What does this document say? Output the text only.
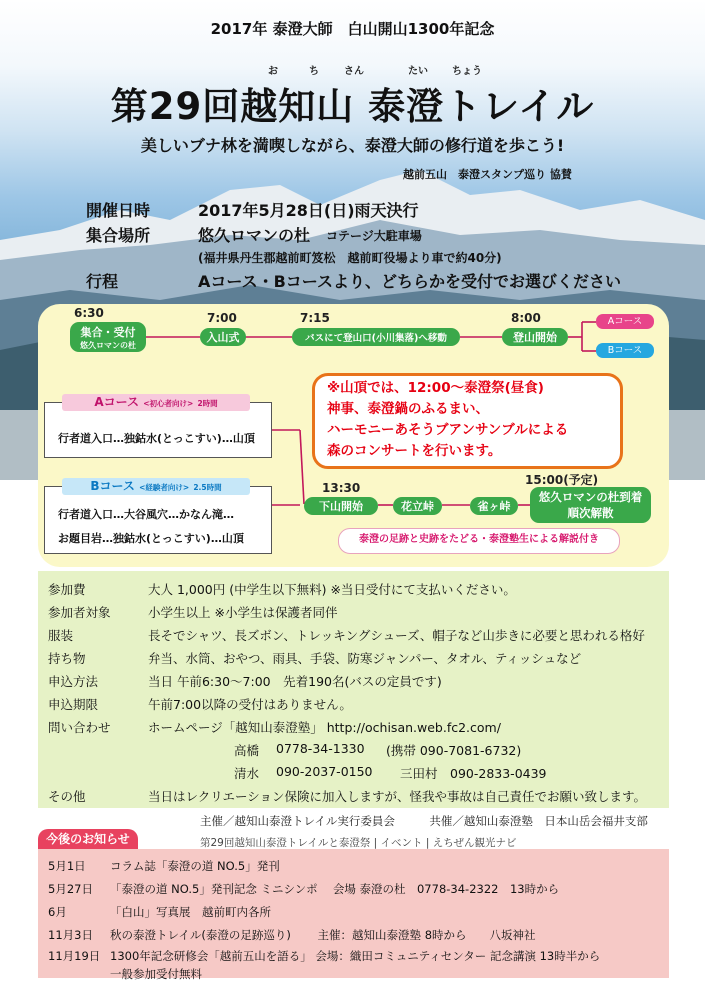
2017年 泰澄大師　白山開山1300年記念
お	ち	さん	たい ちょう
第29回越知山 泰澄トレイル
美しいブナ林を満喫しながら、泰澄大師の修行道を歩こう!
越前五山　泰澄スタンプ巡り 協賛
開催日時	2017年5月28日(日)雨天決行
集合場所	悠久ロマンの杜 コテージ大駐車場
(福井県丹生郡越前町笈松　越前町役場より車で約40分)
行程	Aコース・Bコースより、どちらかを受付でお選びください
6:30
集合・受付
悠久ロマンの杜
7:00
入山式
7:15
バスにて登山口(小川集落)へ移動
8:00
登山開始
Aコース
Bコース
Aコース <初心者向け> 2時間
行者道入口…独鈷水(とっこすい)…山頂
Bコース <経験者向け> 2.5時間
行者道入口…大谷風穴…かなん滝…
お題目岩…独鈷水(とっこすい)…山頂
※山頂では、12:00～泰澄祭(昼食)
神事、泰澄鍋のふるまい、
ハーモニーあそうブアンサンブルによる
森のコンサートを行います。
13:30
下山開始	花立峠	雀ヶ峠
15:00(予定)
悠久ロマンの杜到着
順次解散
泰澄の足跡と史跡をたどる・泰澄塾生による解説付き
参加費	大人 1,000円 (中学生以下無料) ※当日受付にて支払いください。
参加者対象	小学生以上 ※小学生は保護者同伴
服装	長そでシャツ、長ズボン、トレッキングシューズ、帽子など山歩きに必要と思われる格好
持ち物	弁当、水筒、おやつ、雨具、手袋、防寒ジャンパー、タオル、ティッシュなど
申込方法	当日 午前6:30～7:00　先着190名(バスの定員です)
申込期限	午前7:00以降の受付はありません。
問い合わせ	ホームページ「越知山泰澄塾」 http://ochisan.web.fc2.com/
高橋 0778-34-1330 (携帯 090-7081-6732)
清水 090-2037-0150 三田村　090-2833-0439
その他	当日はレクリエーション保険に加入しますが、怪我や事故は自己責任でお願い致します。
主催／越知山泰澄トレイル実行委員会　　　共催／越知山泰澄塾　日本山岳会福井支部
第29回越知山泰澄トレイルと泰澄祭 | イベント | えちぜん観光ナビ
今後のお知らせ
5月1日 コラム誌「泰澄の道 NO.5」発刊
5月27日 「泰澄の道 NO.5」発刊記念 ミニシンポ　 会場 泰澄の杜　0778-34-2322　13時から
6月	「白山」写真展　越前町内各所
11月3日 秋の泰澄トレイル(泰澄の足跡巡り)　　 主催：越知山泰澄塾 8時から　　八坂神社
11月19日 1300年記念研修会「越前五山を語る」 会場：織田コミュニティセンター 記念講演 13時半から
一般参加受付無料
